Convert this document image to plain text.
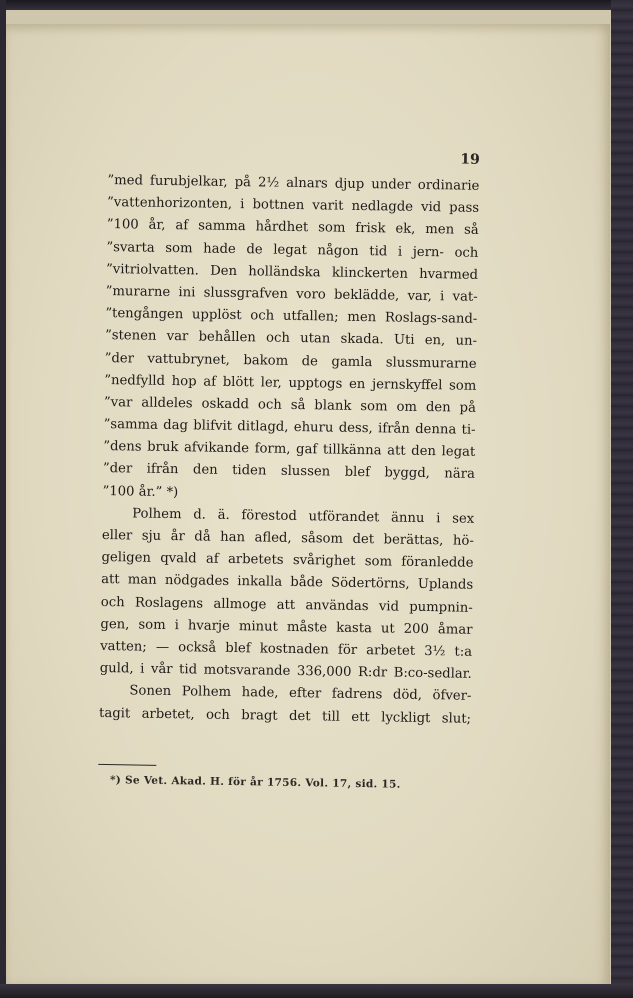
19
”med furubjelkar, på 2½ alnars djup under ordinarie
”vattenhorizonten, i bottnen varit nedlagde vid pass
”100 år, af samma hårdhet som frisk ek, men så
”svarta som hade de legat någon tid i jern- och
”vitriolvatten. Den holländska klinckerten hvarmed
”murarne ini slussgrafven voro beklädde, var, i vat-
”tengången upplöst och utfallen; men Roslags-sand-
”stenen var behållen och utan skada. Uti en, un-
”der vattubrynet, bakom de gamla slussmurarne
”nedfylld hop af blött ler, upptogs en jernskyffel som
”var alldeles oskadd och så blank som om den på
”samma dag blifvit ditlagd, ehuru dess, ifrån denna ti-
”dens bruk afvikande form, gaf tillkänna att den legat
”der ifrån den tiden slussen blef byggd, nära
”100 år.” *)
Polhem d. ä. förestod utförandet ännu i sex
eller sju år då han afled, såsom det berättas, hö-
geligen qvald af arbetets svårighet som föranledde
att man nödgades inkalla både Södertörns, Uplands
och Roslagens allmoge att användas vid pumpnin-
gen, som i hvarje minut måste kasta ut 200 åmar
vatten; — också blef kostnaden för arbetet 3½ t:a
guld, i vår tid motsvarande 336,000 R:dr B:co-sedlar.
Sonen Polhem hade, efter fadrens död, öfver-
tagit arbetet, och bragt det till ett lyckligt slut;
*) Se Vet. Akad. H. för år 1756. Vol. 17, sid. 15.
